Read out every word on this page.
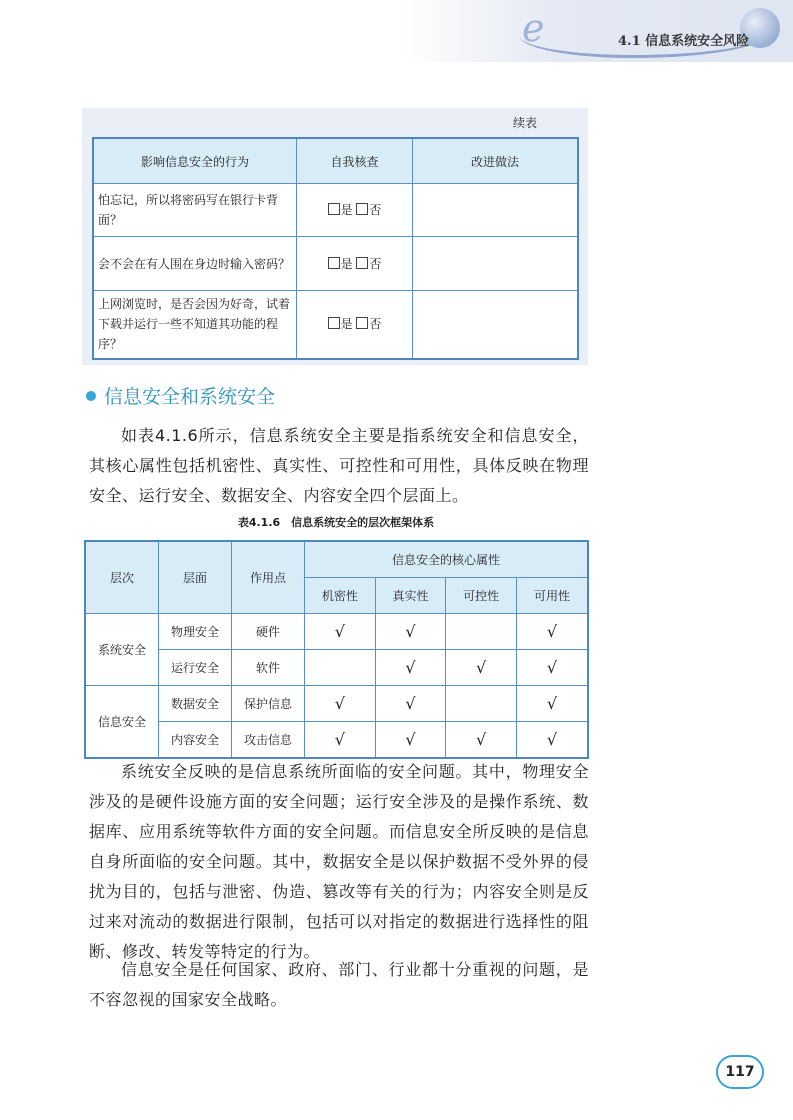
e	4.1 信息系统安全风险
续表
影响信息安全的行为	自我核查	改进做法
怕忘记，所以将密码写在银行卡背面？	是 否	
会不会在有人围在身边时输入密码？	是 否	
上网浏览时，是否会因为好奇，试着下载并运行一些不知道其功能的程序？	是 否	
信息安全和系统安全
如表4.1.6所示，信息系统安全主要是指系统安全和信息安全，其核心属性包括机密性、真实性、可控性和可用性，具体反映在物理安全、运行安全、数据安全、内容安全四个层面上。
表4.1.6　信息系统安全的层次框架体系
层次	层面	作用点	信息安全的核心属性			
			机密性	真实性	可控性	可用性
系统安全	物理安全	硬件	√	√		√
	运行安全	软件		√	√	√
信息安全	数据安全	保护信息	√	√		√
	内容安全	攻击信息	√	√	√	√
系统安全反映的是信息系统所面临的安全问题。其中，物理安全涉及的是硬件设施方面的安全问题；运行安全涉及的是操作系统、数据库、应用系统等软件方面的安全问题。而信息安全所反映的是信息自身所面临的安全问题。其中，数据安全是以保护数据不受外界的侵扰为目的，包括与泄密、伪造、篡改等有关的行为；内容安全则是反过来对流动的数据进行限制，包括可以对指定的数据进行选择性的阻断、修改、转发等特定的行为。
信息安全是任何国家、政府、部门、行业都十分重视的问题，是不容忽视的国家安全战略。
117
